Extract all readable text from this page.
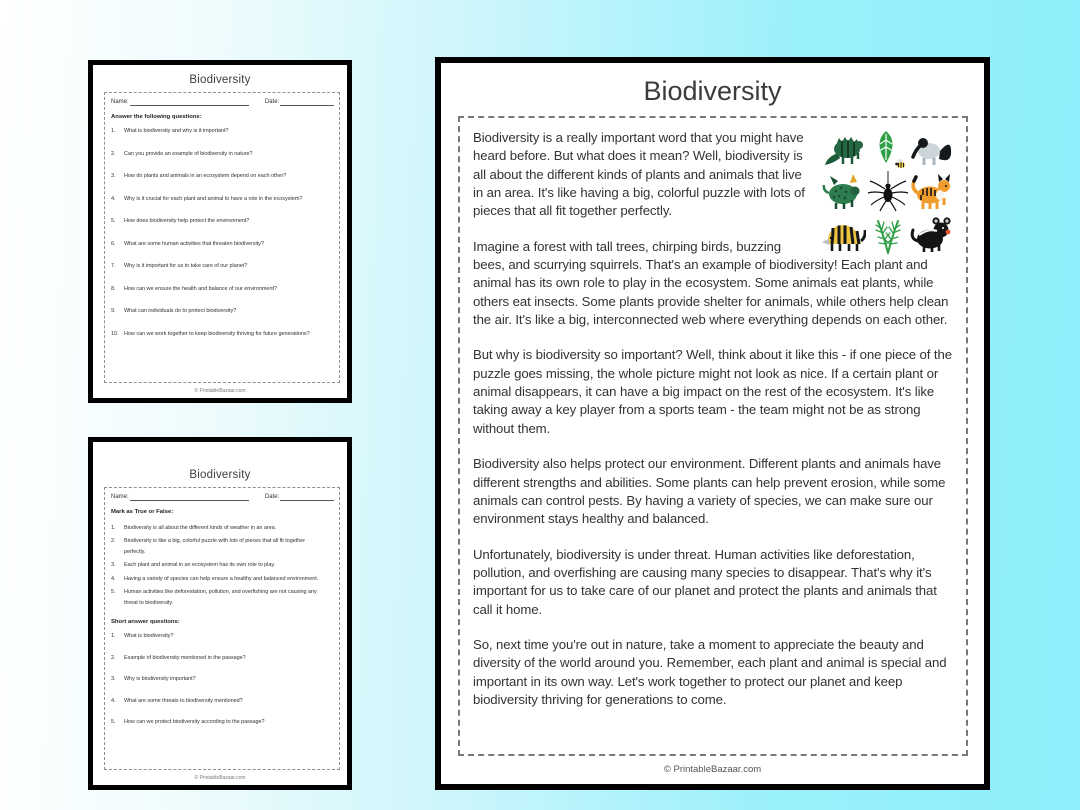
Biodiversity
Name:	Date:
Answer the following questions:
What is biodiversity and why is it important?
Can you provide an example of biodiversity in nature?
How do plants and animals in an ecosystem depend on each other?
Why is it crucial for each plant and animal to have a role in the ecosystem?
How does biodiversity help protect the environment?
What are some human activities that threaten biodiversity?
Why is it important for us to take care of our planet?
How can we ensure the health and balance of our environment?
What can individuals do to protect biodiversity?
How can we work together to keep biodiversity thriving for future generations?
© PrintableBazaar.com
Biodiversity
Name:	Date:
Mark as True or False:
Biodiversity is all about the different kinds of weather in an area.
Biodiversity is like a big, colorful puzzle with lots of pieces that all fit together perfectly.
Each plant and animal in an ecosystem has its own role to play.
Having a variety of species can help ensure a healthy and balanced environment.
Human activities like deforestation, pollution, and overfishing are not causing any threat to biodiversity.
Short answer questions:
What is biodiversity?
Example of biodiversity mentioned in the passage?
Why is biodiversity important?
What are some threats to biodiversity mentioned?
How can we protect biodiversity according to the passage?
© PrintableBazaar.com
Biodiversity

Biodiversity is a really important word that you might have heard before. But what does it mean? Well, biodiversity is all about the different kinds of plants and animals that live in an area. It's like having a big, colorful puzzle with lots of pieces that all fit together perfectly.

Imagine a forest with tall trees, chirping birds, buzzing bees, and scurrying squirrels. That's an example of biodiversity! Each plant and animal has its own role to play in the ecosystem. Some animals eat plants, while others eat insects. Some plants provide shelter for animals, while others help clean the air. It's like a big, interconnected web where everything depends on each other.

But why is biodiversity so important? Well, think about it like this - if one piece of the puzzle goes missing, the whole picture might not look as nice. If a certain plant or animal disappears, it can have a big impact on the rest of the ecosystem. It's like taking away a key player from a sports team - the team might not be as strong without them.

Biodiversity also helps protect our environment. Different plants and animals have different strengths and abilities. Some plants can help prevent erosion, while some animals can control pests. By having a variety of species, we can make sure our environment stays healthy and balanced.

Unfortunately, biodiversity is under threat. Human activities like deforestation, pollution, and overfishing are causing many species to disappear. That's why it's important for us to take care of our planet and protect the plants and animals that call it home.

So, next time you're out in nature, take a moment to appreciate the beauty and diversity of the world around you. Remember, each plant and animal is special and important in its own way. Let's work together to protect our planet and keep biodiversity thriving for generations to come.

© PrintableBazaar.com
